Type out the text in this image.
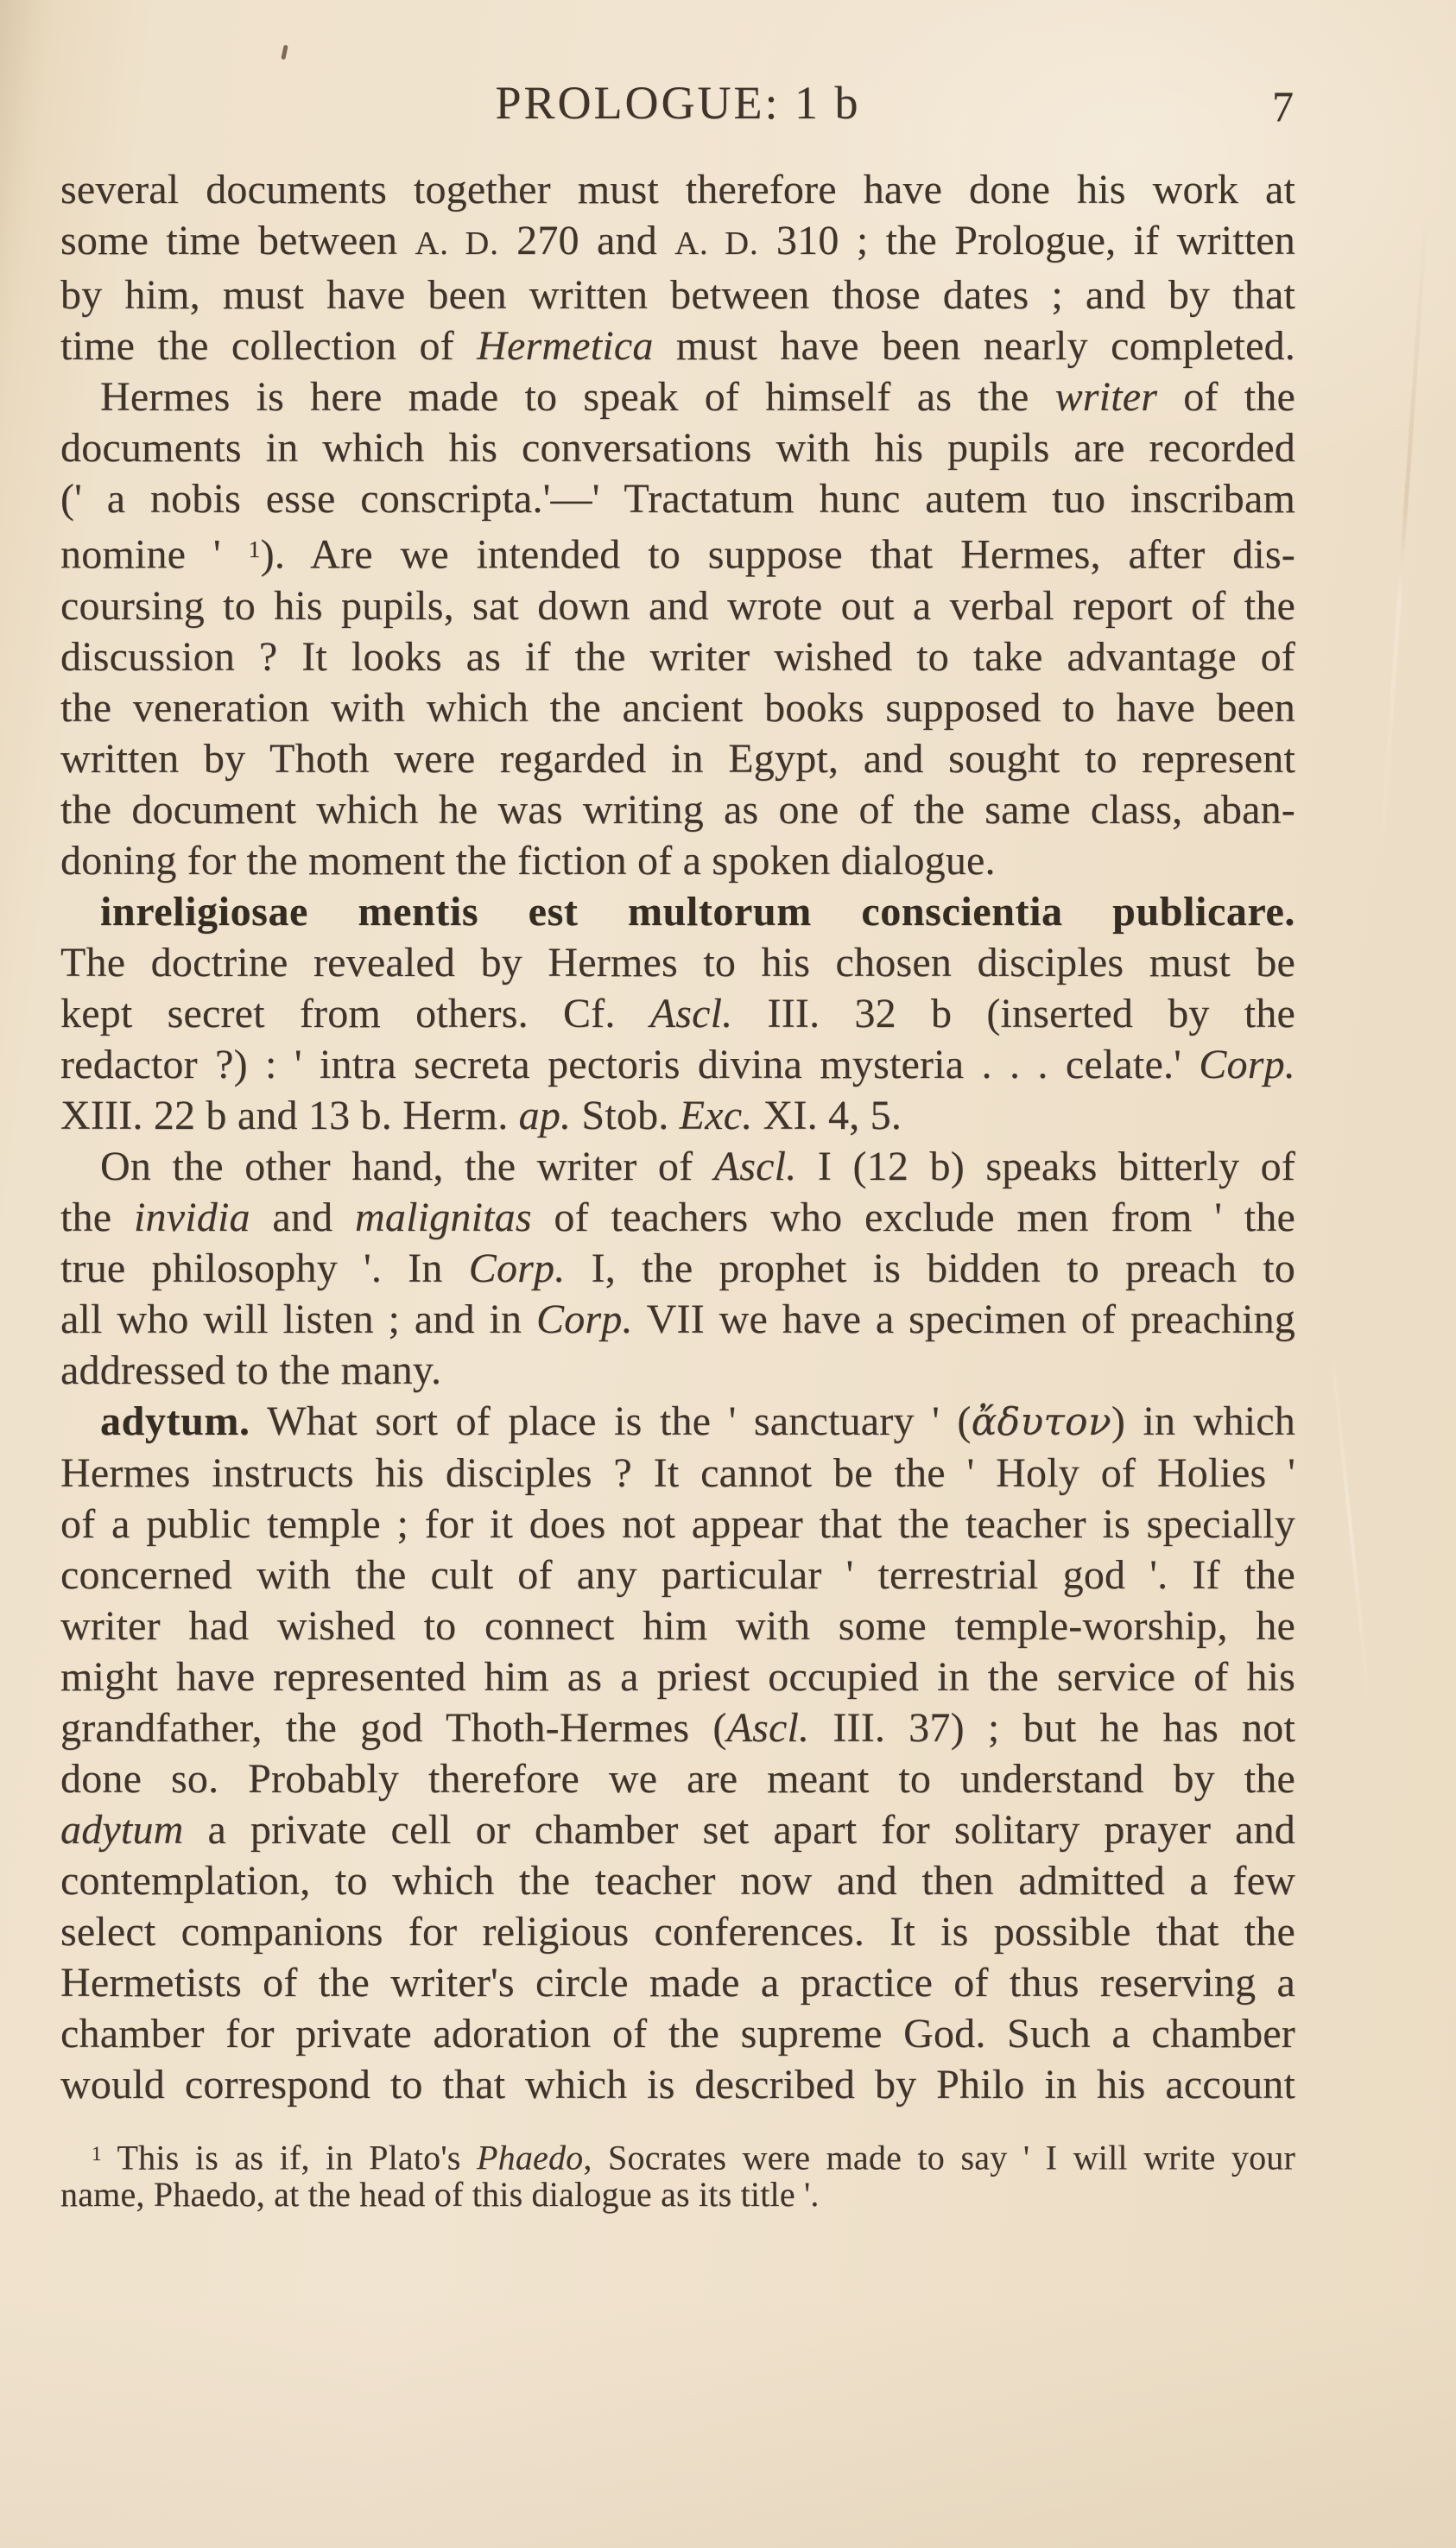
PROLOGUE: 1 b	7
several documents together must therefore have done his work at
some time between A. D. 270 and A. D. 310 ; the Prologue, if written
by him, must have been written between those dates ; and by that
time the collection of Hermetica must have been nearly completed.
Hermes is here made to speak of himself as the writer of the
documents in which his conversations with his pupils are recorded
(' a nobis esse conscripta.'—' Tractatum hunc autem tuo inscribam
nomine ' $^1$). Are we intended to suppose that Hermes, after dis-
coursing to his pupils, sat down and wrote out a verbal report of the
discussion ? It looks as if the writer wished to take advantage of
the veneration with which the ancient books supposed to have been
written by Thoth were regarded in Egypt, and sought to represent
the document which he was writing as one of the same class, aban-
doning for the moment the fiction of a spoken dialogue.
inreligiosae mentis est multorum conscientia publicare.
The doctrine revealed by Hermes to his chosen disciples must be
kept secret from others. Cf. Ascl. III. 32 b (inserted by the
redactor ?) : ' intra secreta pectoris divina mysteria . . . celate.' Corp.
XIII. 22 b and 13 b. Herm. ap. Stob. Exc. XI. 4, 5.
On the other hand, the writer of Ascl. I (12 b) speaks bitterly of
the invidia and malignitas of teachers who exclude men from ' the
true philosophy '. In Corp. I, the prophet is bidden to preach to
all who will listen ; and in Corp. VII we have a specimen of preaching
addressed to the many.
adytum. What sort of place is the ' sanctuary ' (ἄδυτον) in which
Hermes instructs his disciples ? It cannot be the ' Holy of Holies '
of a public temple ; for it does not appear that the teacher is specially
concerned with the cult of any particular ' terrestrial god '. If the
writer had wished to connect him with some temple-worship, he
might have represented him as a priest occupied in the service of his
grandfather, the god Thoth-Hermes (Ascl. III. 37) ; but he has not
done so. Probably therefore we are meant to understand by the
adytum a private cell or chamber set apart for solitary prayer and
contemplation, to which the teacher now and then admitted a few
select companions for religious conferences. It is possible that the
Hermetists of the writer's circle made a practice of thus reserving a
chamber for private adoration of the supreme God. Such a chamber
would correspond to that which is described by Philo in his account
$^1$ This is as if, in Plato's Phaedo, Socrates were made to say ' I will write your
name, Phaedo, at the head of this dialogue as its title '.
